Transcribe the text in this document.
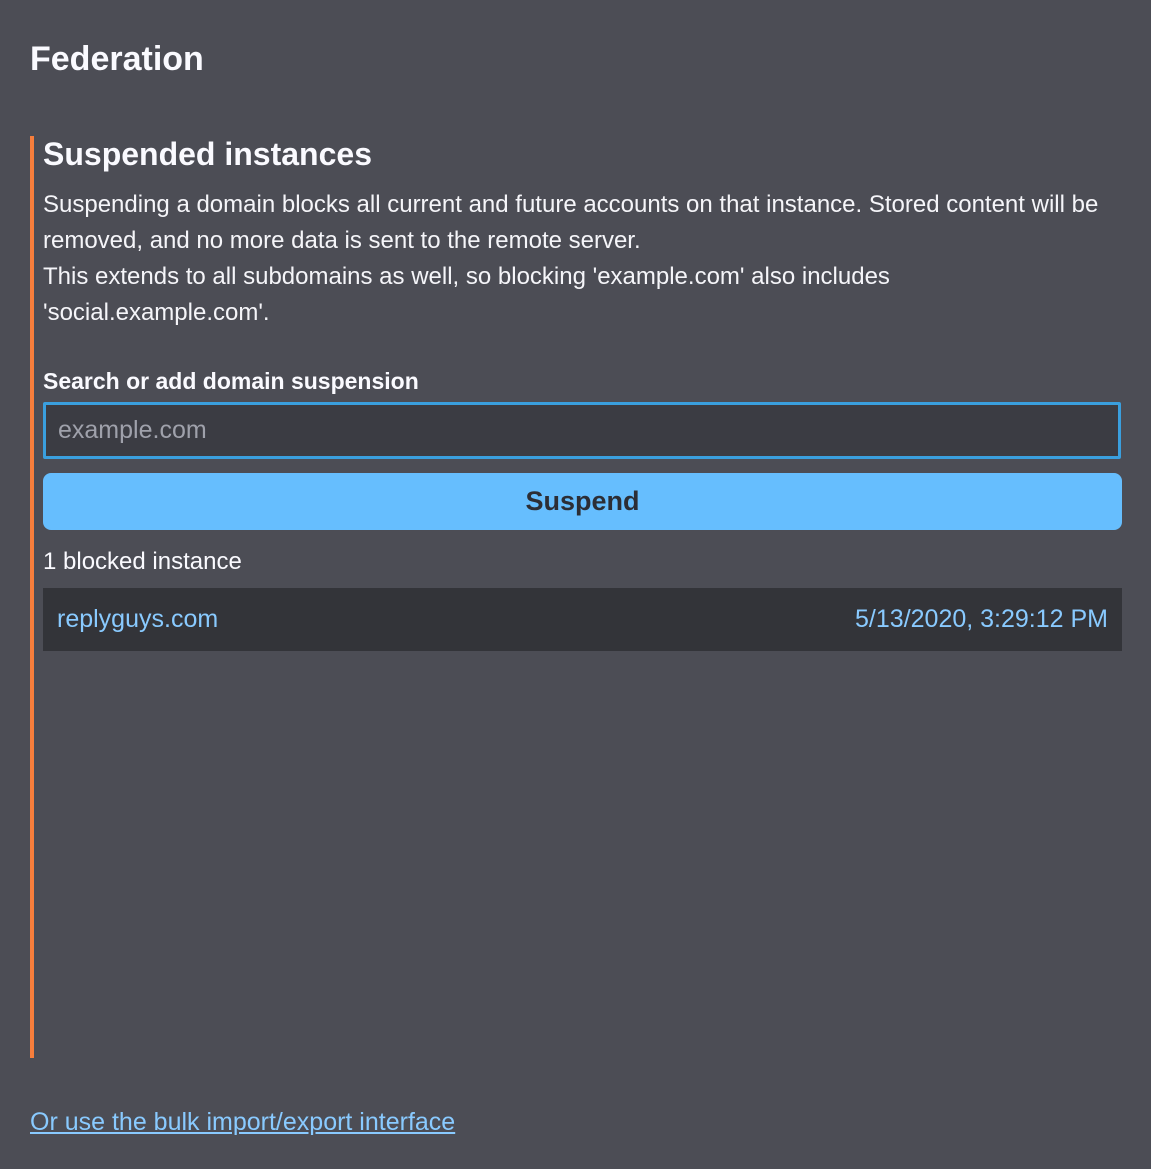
Federation
Suspended instances

Suspending a domain blocks all current and future accounts on that instance. Stored content will be removed, and no more data is sent to the remote server.

This extends to all subdomains as well, so blocking 'example.com' also includes 'social.example.com'.

Search or add domain suspension
example.com
Suspend
1 blocked instance
replyguys.com	5/13/2020, 3:29:12 PM
Or use the bulk import/export interface
